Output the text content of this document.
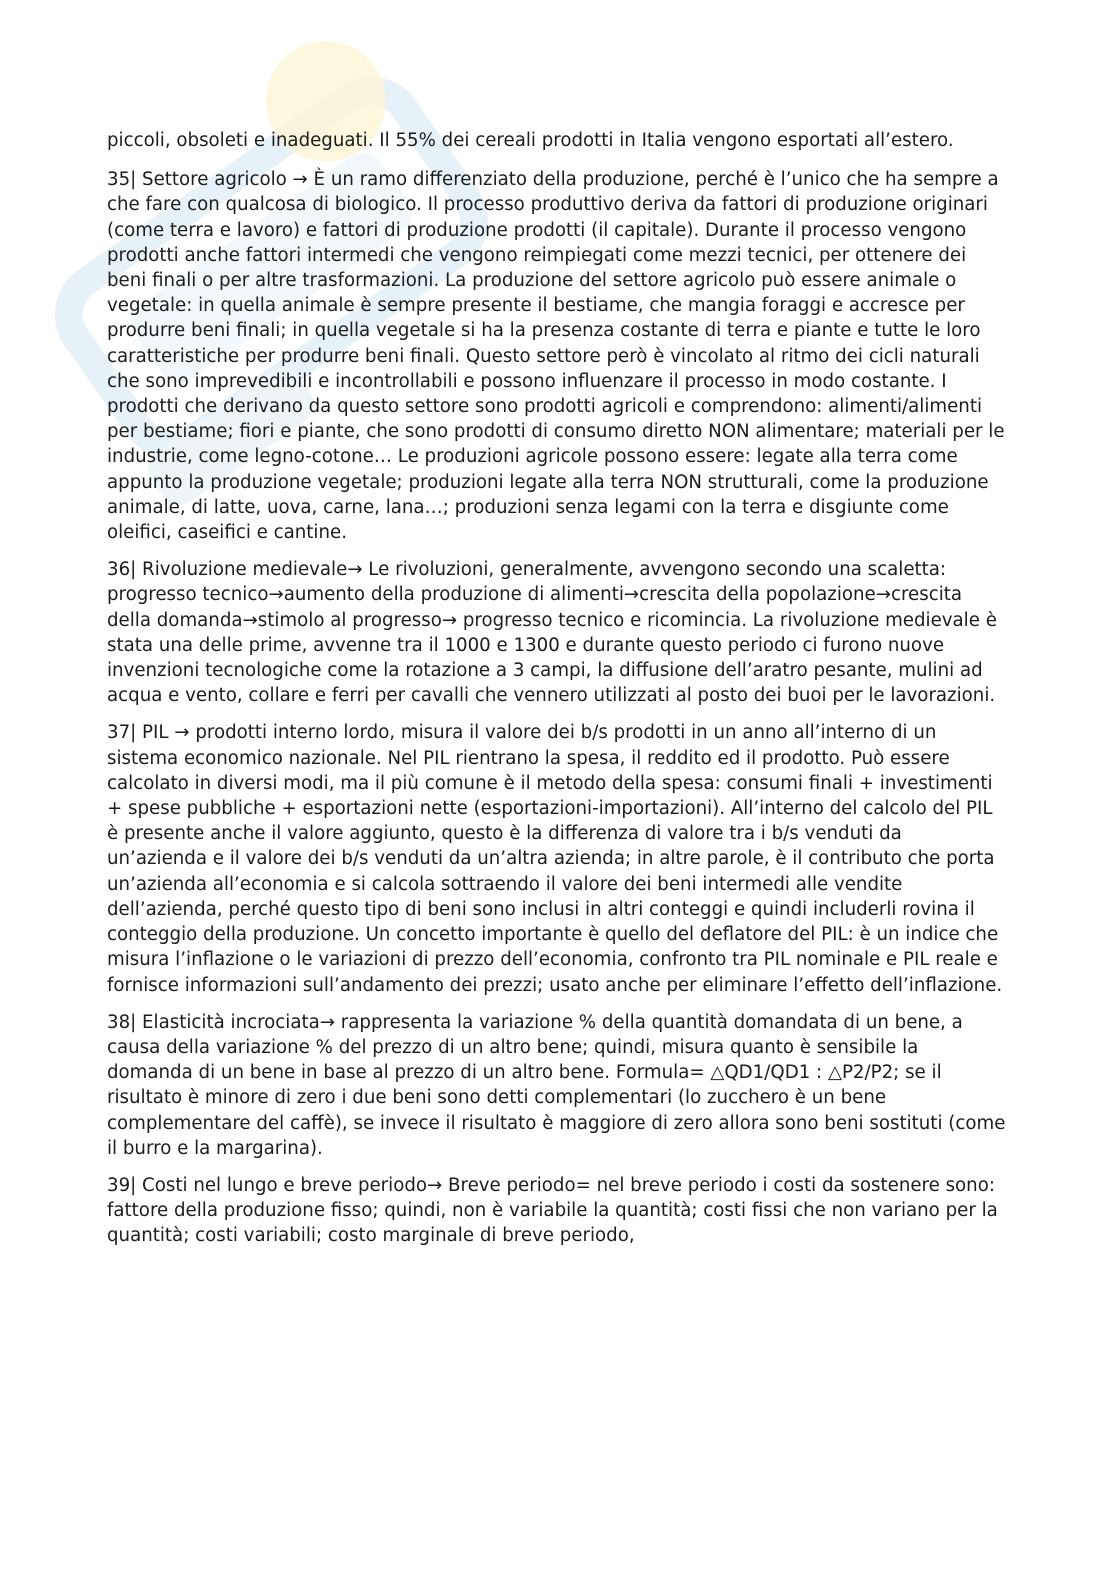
piccoli, obsoleti e inadeguati. Il 55% dei cereali prodotti in Italia vengono esportati all’estero.

35| Settore agricolo → È un ramo differenziato della produzione, perché è l’unico che ha sempre a che fare con qualcosa di biologico. Il processo produttivo deriva da fattori di produzione originari (come terra e lavoro) e fattori di produzione prodotti (il capitale). Durante il processo vengono prodotti anche fattori intermedi che vengono reimpiegati come mezzi tecnici, per ottenere dei beni finali o per altre trasformazioni. La produzione del settore agricolo può essere animale o vegetale: in quella animale è sempre presente il bestiame, che mangia foraggi e accresce per produrre beni finali; in quella vegetale si ha la presenza costante di terra e piante e tutte le loro caratteristiche per produrre beni finali. Questo settore però è vincolato al ritmo dei cicli naturali che sono imprevedibili e incontrollabili e possono influenzare il processo in modo costante. I prodotti che derivano da questo settore sono prodotti agricoli e comprendono: alimenti/alimenti per bestiame; fiori e piante, che sono prodotti di consumo diretto NON alimentare; materiali per le industrie, come legno-cotone… Le produzioni agricole possono essere: legate alla terra come appunto la produzione vegetale; produzioni legate alla terra NON strutturali, come la produzione animale, di latte, uova, carne, lana…; produzioni senza legami con la terra e disgiunte come oleifici, caseifici e cantine.

36| Rivoluzione medievale→ Le rivoluzioni, generalmente, avvengono secondo una scaletta: progresso tecnico→aumento della produzione di alimenti→crescita della popolazione→crescita della domanda→stimolo al progresso→ progresso tecnico e ricomincia. La rivoluzione medievale è stata una delle prime, avvenne tra il 1000 e 1300 e durante questo periodo ci furono nuove invenzioni tecnologiche come la rotazione a 3 campi, la diffusione dell’aratro pesante, mulini ad acqua e vento, collare e ferri per cavalli che vennero utilizzati al posto dei buoi per le lavorazioni.

37| PIL → prodotti interno lordo, misura il valore dei b/s prodotti in un anno all’interno di un sistema economico nazionale. Nel PIL rientrano la spesa, il reddito ed il prodotto. Può essere calcolato in diversi modi, ma il più comune è il metodo della spesa: consumi finali + investimenti + spese pubbliche + esportazioni nette (esportazioni-importazioni). All’interno del calcolo del PIL è presente anche il valore aggiunto, questo è la differenza di valore tra i b/s venduti da un’azienda e il valore dei b/s venduti da un’altra azienda; in altre parole, è il contributo che porta un’azienda all’economia e si calcola sottraendo il valore dei beni intermedi alle vendite dell’azienda, perché questo tipo di beni sono inclusi in altri conteggi e quindi includerli rovina il conteggio della produzione. Un concetto importante è quello del deflatore del PIL: è un indice che misura l’inflazione o le variazioni di prezzo dell’economia, confronto tra PIL nominale e PIL reale e fornisce informazioni sull’andamento dei prezzi; usato anche per eliminare l’effetto dell’inflazione.

38| Elasticità incrociata→ rappresenta la variazione % della quantità domandata di un bene, a causa della variazione % del prezzo di un altro bene; quindi, misura quanto è sensibile la domanda di un bene in base al prezzo di un altro bene. Formula= △QD1/QD1 : △P2/P2; se il risultato è minore di zero i due beni sono detti complementari (lo zucchero è un bene complementare del caffè), se invece il risultato è maggiore di zero allora sono beni sostituti (come il burro e la margarina).

39| Costi nel lungo e breve periodo→ Breve periodo= nel breve periodo i costi da sostenere sono: fattore della produzione fisso; quindi, non è variabile la quantità; costi fissi che non variano per la quantità; costi variabili; costo marginale di breve periodo,
